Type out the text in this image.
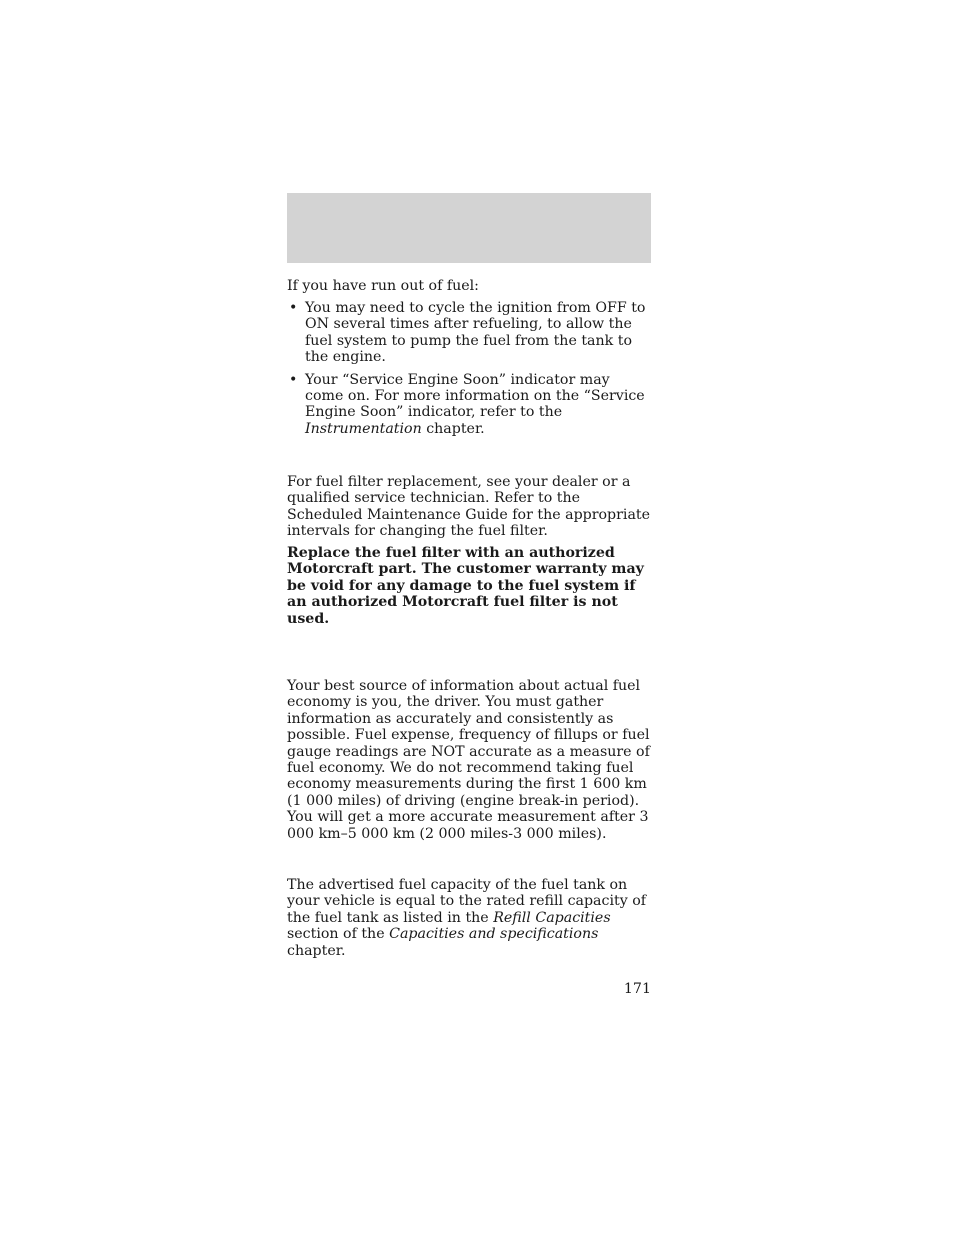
If you have run out of fuel:

• You may need to cycle the ignition from OFF to ON several times after refueling, to allow the fuel system to pump the fuel from the tank to the engine.
• Your “Service Engine Soon” indicator may come on. For more information on the “Service Engine Soon” indicator, refer to the Instrumentation chapter.

For fuel filter replacement, see your dealer or a qualified service technician. Refer to the Scheduled Maintenance Guide for the appropriate intervals for changing the fuel filter.

Replace the fuel filter with an authorized Motorcraft part. The customer warranty may be void for any damage to the fuel system if an authorized Motorcraft fuel filter is not used.

Your best source of information about actual fuel economy is you, the driver. You must gather information as accurately and consistently as possible. Fuel expense, frequency of fillups or fuel gauge readings are NOT accurate as a measure of fuel economy. We do not recommend taking fuel economy measurements during the first 1 600 km (1 000 miles) of driving (engine break-in period). You will get a more accurate measurement after 3 000 km–5 000 km (2 000 miles-3 000 miles).

The advertised fuel capacity of the fuel tank on your vehicle is equal to the rated refill capacity of the fuel tank as listed in the Refill Capacities section of the Capacities and specifications chapter.

171
